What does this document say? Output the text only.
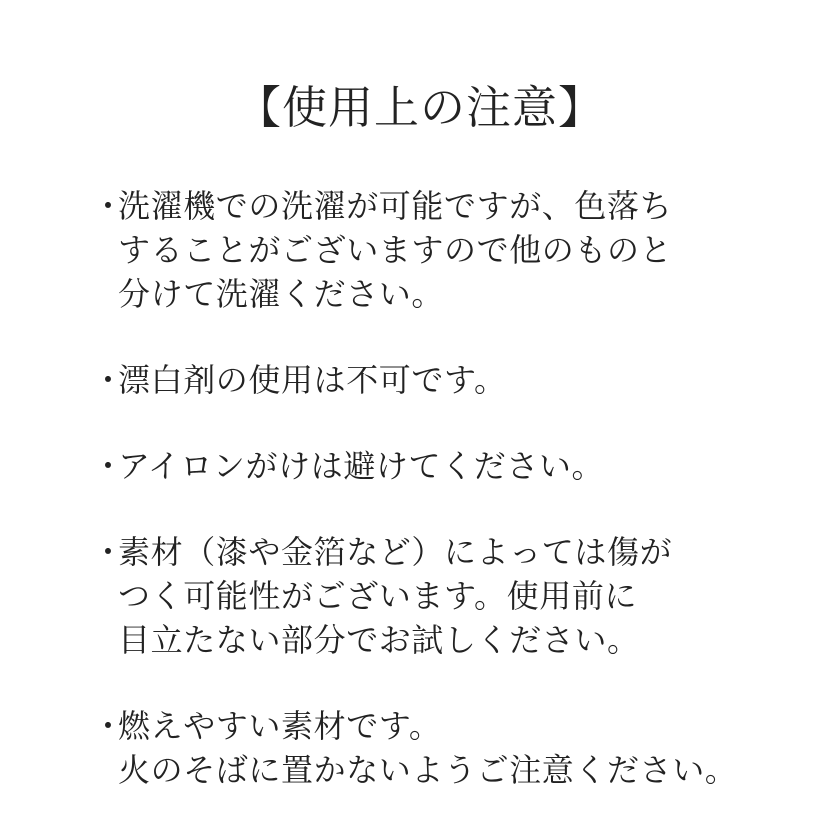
【使用上の注意】
・
洗濯機での洗濯が可能ですが、色落ち
することがございますので他のものと
分けて洗濯ください。
・
漂白剤の使用は不可です。
・
アイロンがけは避けてください。
・
素材（漆や金箔など）によっては傷が
つく可能性がございます。使用前に
目立たない部分でお試しください。
・
燃えやすい素材です。
火のそばに置かないようご注意ください。
